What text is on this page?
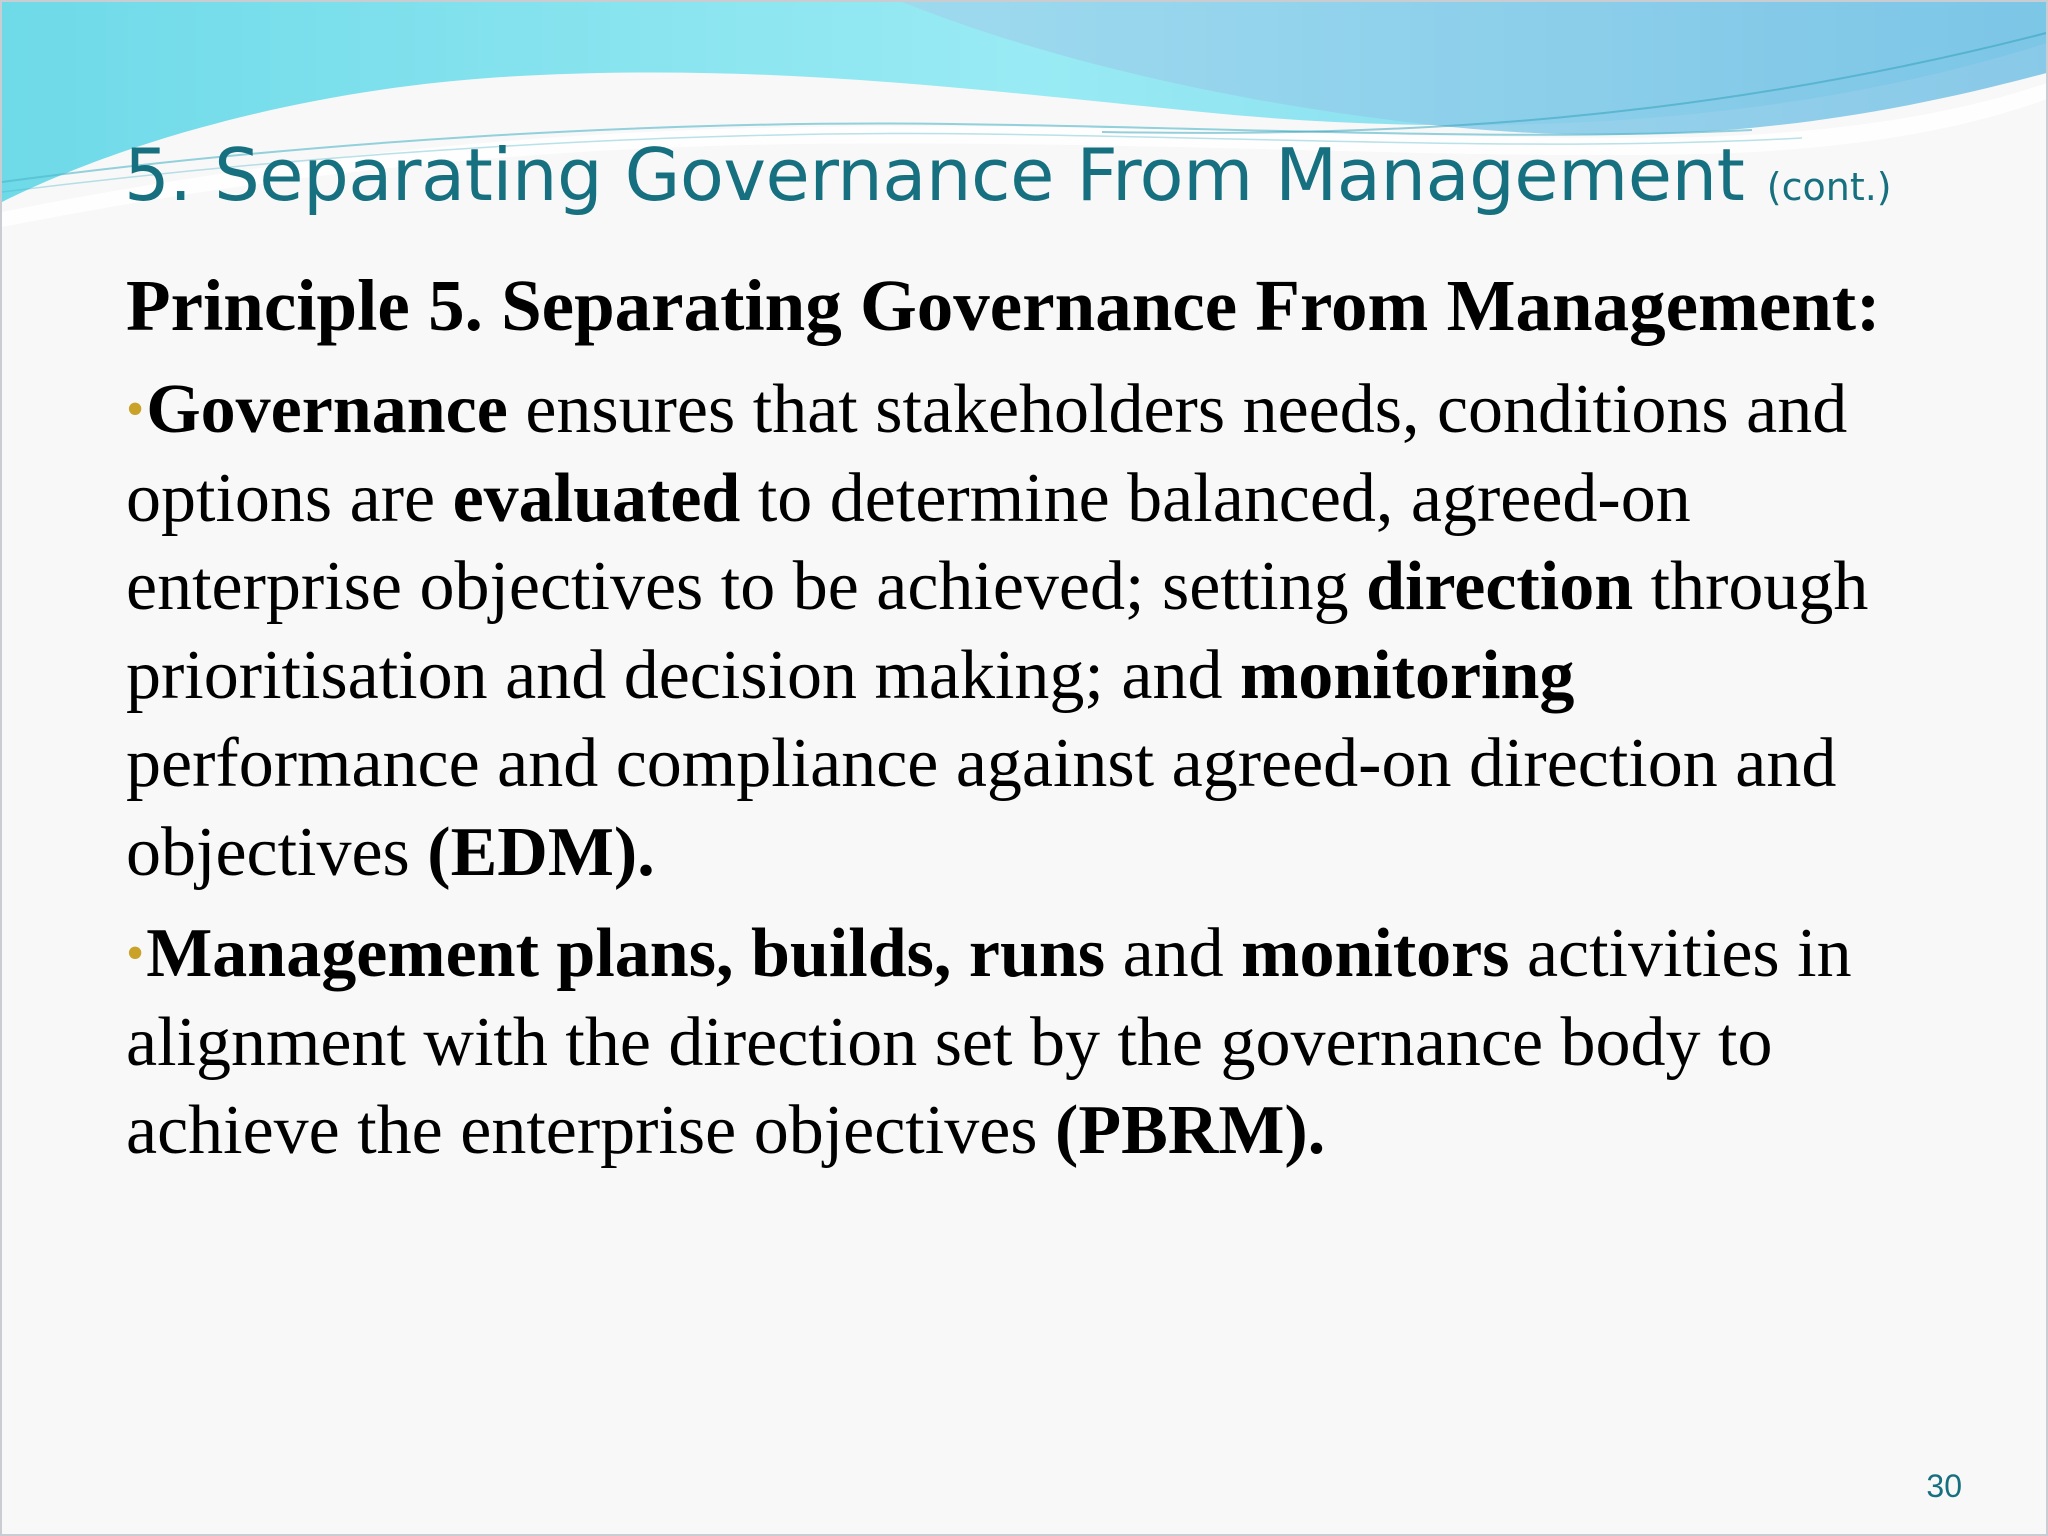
5. Separating Governance From Management (cont.)
Principle 5. Separating Governance From Management:
•Governance ensures that stakeholders needs, conditions and options are evaluated to determine balanced, agreed-on enterprise objectives to be achieved; setting direction through prioritisation and decision making; and monitoring performance and compliance against agreed-on direction and objectives (EDM).
•Management plans, builds, runs and monitors activities in alignment with the direction set by the governance body to achieve the enterprise objectives (PBRM).
30
